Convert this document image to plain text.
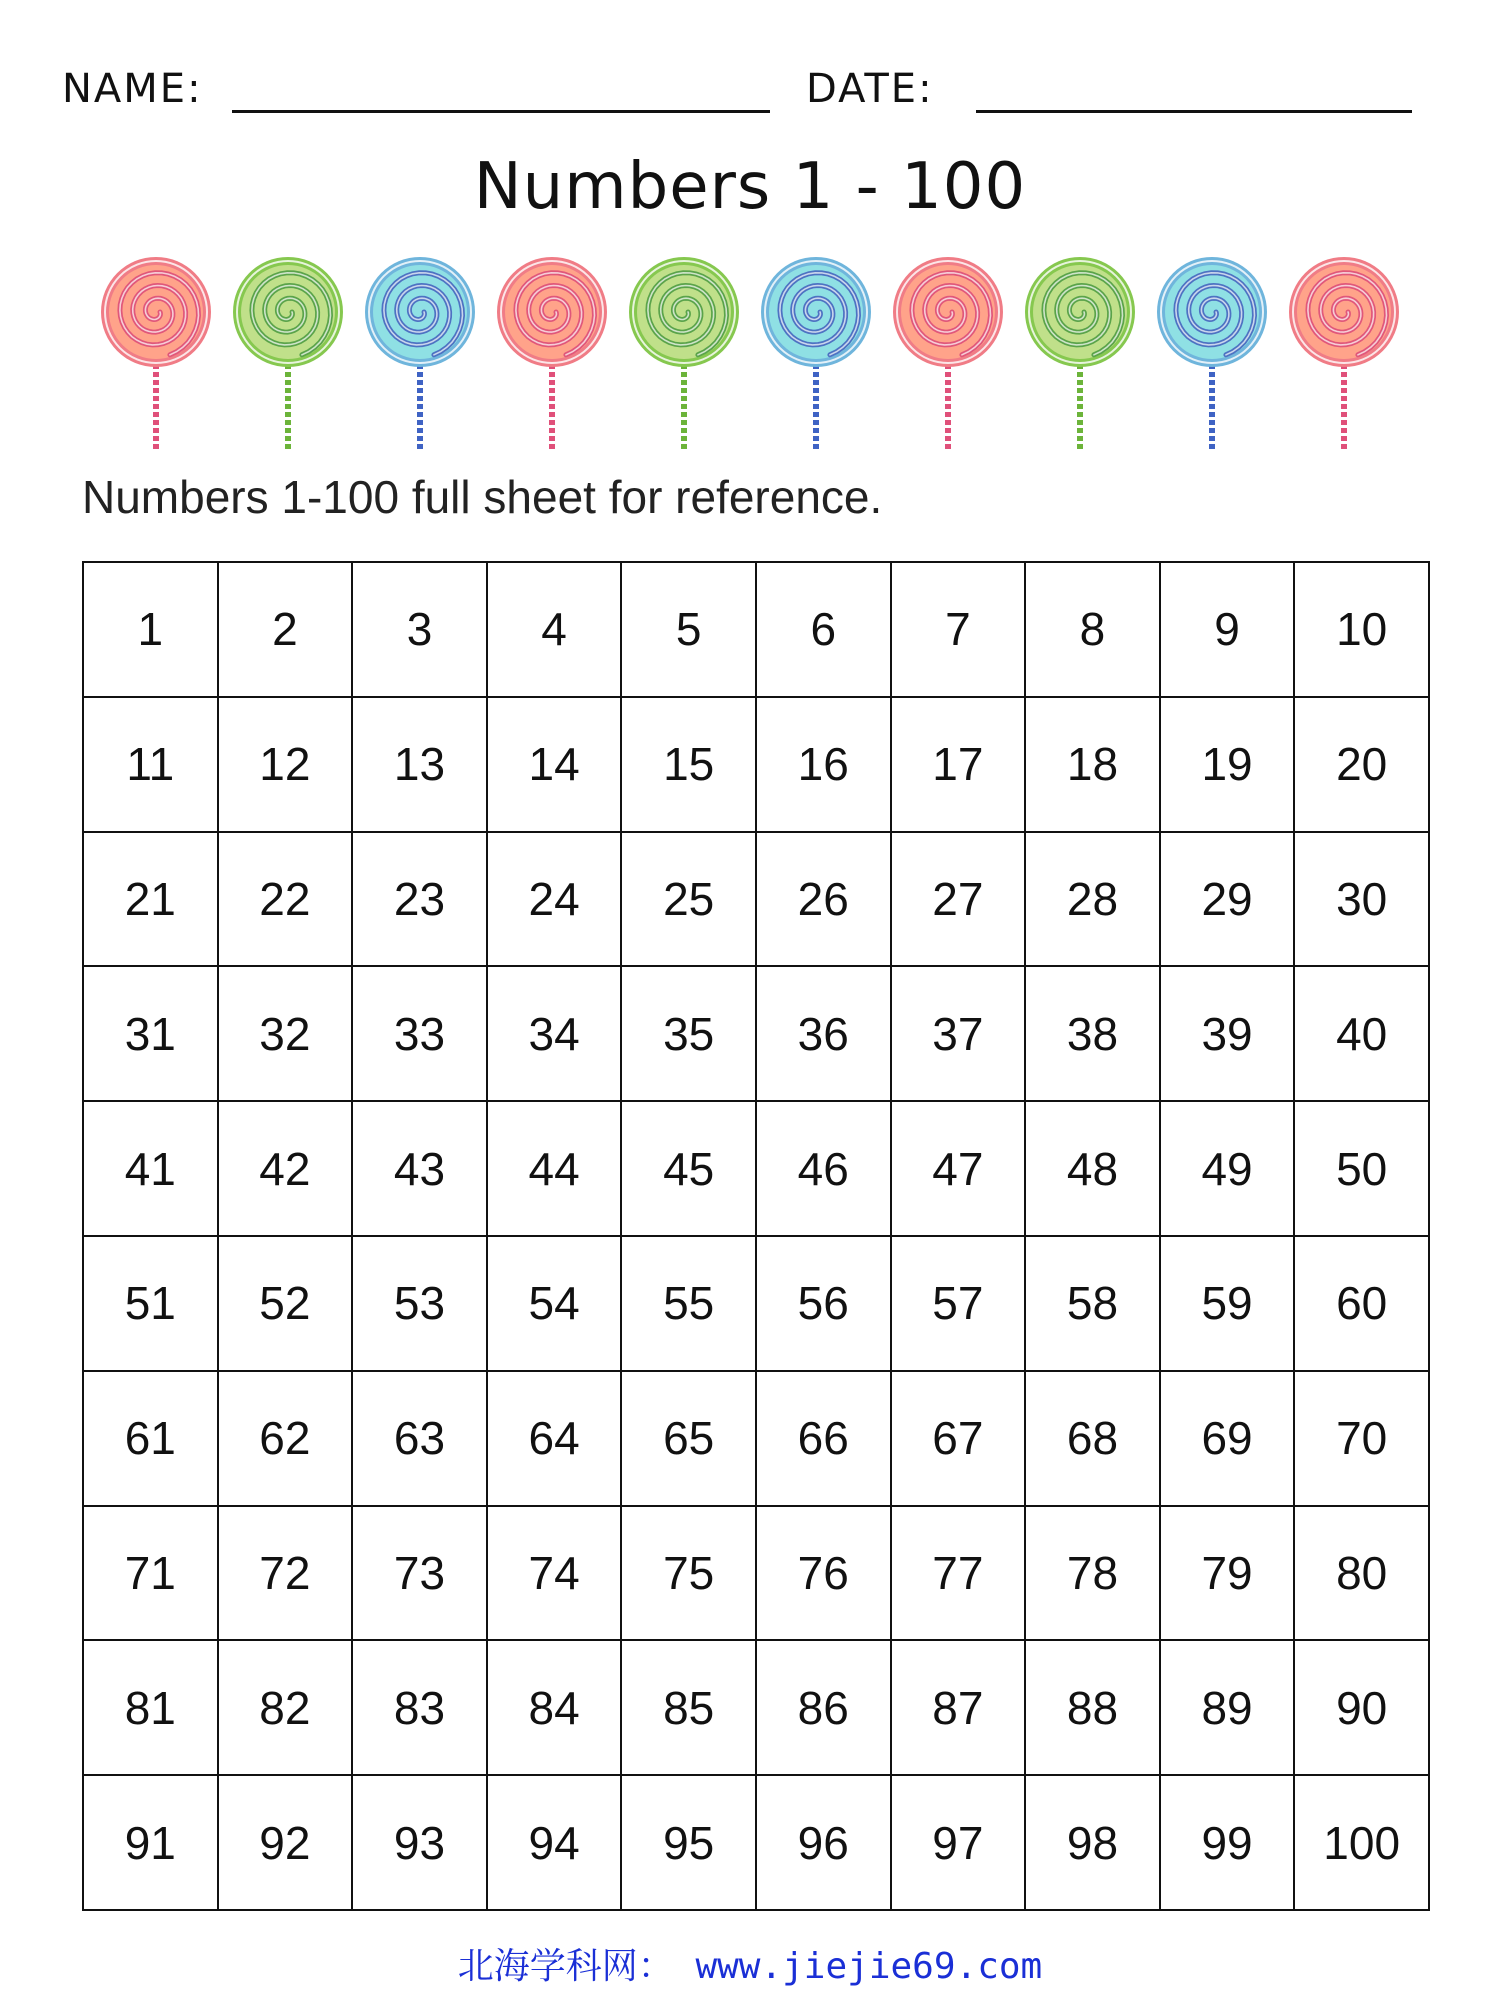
NAME:	DATE:
Numbers 1 - 100
Numbers 1-100 full sheet for reference.
1	2	3	4	5	6	7	8	9	10
11	12	13	14	15	16	17	18	19	20
21	22	23	24	25	26	27	28	29	30
31	32	33	34	35	36	37	38	39	40
41	42	43	44	45	46	47	48	49	50
51	52	53	54	55	56	57	58	59	60
61	62	63	64	65	66	67	68	69	70
71	72	73	74	75	76	77	78	79	80
81	82	83	84	85	86	87	88	89	90
91	92	93	94	95	96	97	98	99	100
北海学科网： www.jiejie69.com
